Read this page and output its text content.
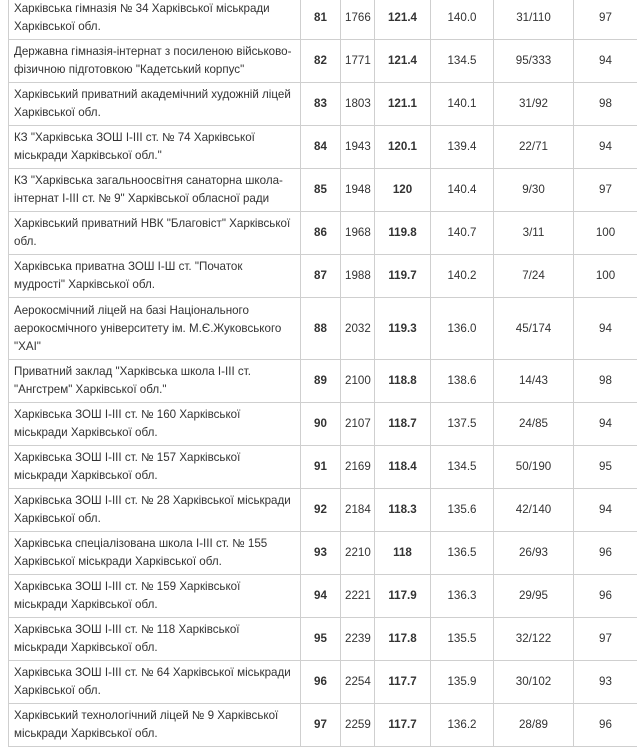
Харківська гімназія № 34 Харківської міськради Харківської обл.	81	1766	121.4	140.0	31/110	97
Державна гімназія-інтернат з посиленою військово-фізичною підготовкою "Кадетський корпус"	82	1771	121.4	134.5	95/333	94
Харківський приватний академічний художній ліцей Харківської обл.	83	1803	121.1	140.1	31/92	98
КЗ "Харківська ЗОШ І-ІІІ ст. № 74 Харківської міськради Харківської обл."	84	1943	120.1	139.4	22/71	94
КЗ "Харківська загальноосвітня санаторна школа-інтернат І-ІІІ ст. № 9" Харківської обласної ради	85	1948	120	140.4	9/30	97
Харківський приватний НВК "Благовіст" Харківської обл.	86	1968	119.8	140.7	3/11	100
Харківська приватна ЗОШ І-Ш ст. "Початок мудрості" Харківської обл.	87	1988	119.7	140.2	7/24	100
Аерокосмічний ліцей на базі Національного аерокосмічного університету ім. М.Є.Жуковського "ХАІ"	88	2032	119.3	136.0	45/174	94
Приватний заклад "Харківська школа І-ІІІ ст. "Ангстрем" Харківської обл."	89	2100	118.8	138.6	14/43	98
Харківська ЗОШ І-ІІІ ст. № 160 Харківської міськради Харківської обл.	90	2107	118.7	137.5	24/85	94
Харківська ЗОШ І-ІІІ ст. № 157 Харківської міськради Харківської обл.	91	2169	118.4	134.5	50/190	95
Харківська ЗОШ І-ІІІ ст. № 28 Харківської міськради Харківської обл.	92	2184	118.3	135.6	42/140	94
Харківська спеціалізована школа І-ІІІ ст. № 155 Харківської міськради Харківської обл.	93	2210	118	136.5	26/93	96
Харківська ЗОШ І-ІІІ ст. № 159 Харківської міськради Харківської обл.	94	2221	117.9	136.3	29/95	96
Харківська ЗОШ І-ІІІ ст. № 118 Харківської міськради Харківської обл.	95	2239	117.8	135.5	32/122	97
Харківська ЗОШ І-ІІІ ст. № 64 Харківської міськради Харківської обл.	96	2254	117.7	135.9	30/102	93
Харківський технологічний ліцей № 9 Харківської міськради Харківської обл.	97	2259	117.7	136.2	28/89	96
